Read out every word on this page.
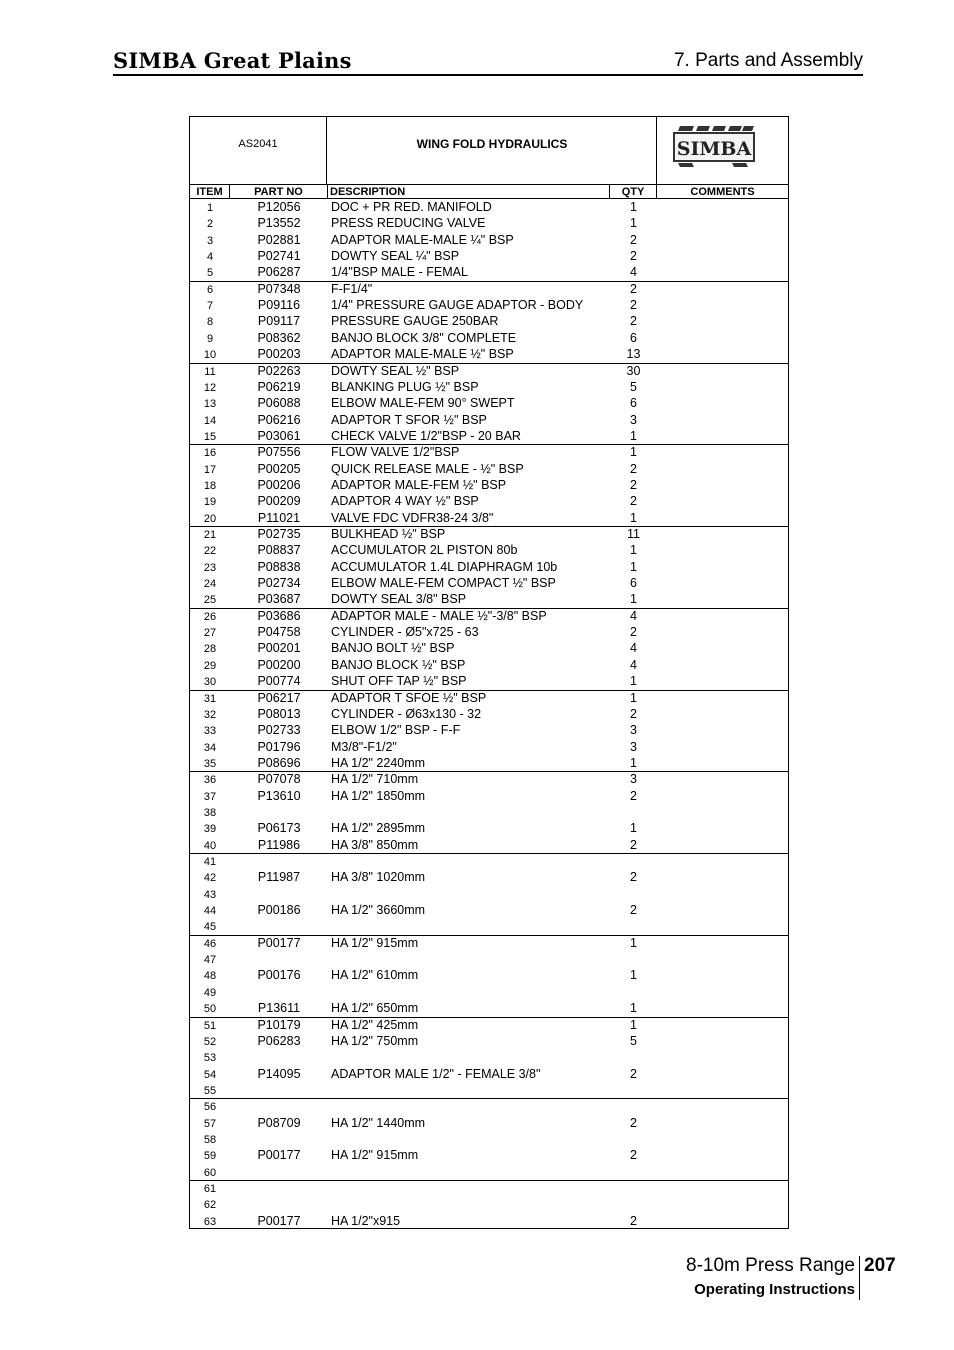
SIMBA Great Plains	7. Parts and Assembly
AS2041	WING FOLD HYDRAULICS	SIMBA
ITEM	PART NO	DESCRIPTION	QTY	COMMENTS
1	P12056	DOC + PR RED. MANIFOLD	1
2	P13552	PRESS REDUCING VALVE	1
3	P02881	ADAPTOR MALE-MALE ¼" BSP	2
4	P02741	DOWTY SEAL ¼" BSP	2
5	P06287	1/4"BSP MALE - FEMAL	4
6	P07348	F-F1/4"	2
7	P09116	1/4" PRESSURE GAUGE ADAPTOR - BODY	2
8	P09117	PRESSURE GAUGE 250BAR	2
9	P08362	BANJO BLOCK 3/8" COMPLETE	6
10	P00203	ADAPTOR MALE-MALE ½" BSP	13
11	P02263	DOWTY SEAL ½" BSP	30
12	P06219	BLANKING PLUG ½" BSP	5
13	P06088	ELBOW MALE-FEM 90° SWEPT	6
14	P06216	ADAPTOR T SFOR ½" BSP	3
15	P03061	CHECK VALVE 1/2"BSP - 20 BAR	1
16	P07556	FLOW VALVE 1/2"BSP	1
17	P00205	QUICK RELEASE MALE - ½" BSP	2
18	P00206	ADAPTOR MALE-FEM ½" BSP	2
19	P00209	ADAPTOR 4 WAY ½" BSP	2
20	P11021	VALVE FDC VDFR38-24 3/8"	1
21	P02735	BULKHEAD ½" BSP	11
22	P08837	ACCUMULATOR 2L PISTON 80b	1
23	P08838	ACCUMULATOR 1.4L DIAPHRAGM 10b	1
24	P02734	ELBOW MALE-FEM COMPACT ½" BSP	6
25	P03687	DOWTY SEAL 3/8" BSP	1
26	P03686	ADAPTOR MALE - MALE ½"-3/8" BSP	4
27	P04758	CYLINDER - Ø5"x725 - 63	2
28	P00201	BANJO BOLT ½" BSP	4
29	P00200	BANJO BLOCK ½" BSP	4
30	P00774	SHUT OFF TAP ½" BSP	1
31	P06217	ADAPTOR T SFOE ½" BSP	1
32	P08013	CYLINDER - Ø63x130 - 32	2
33	P02733	ELBOW 1/2" BSP - F-F	3
34	P01796	M3/8"-F1/2"	3
35	P08696	HA 1/2" 2240mm	1
36	P07078	HA 1/2" 710mm	3
37	P13610	HA 1/2" 1850mm	2
38
39	P06173	HA 1/2" 2895mm	1
40	P11986	HA 3/8" 850mm	2
41
42	P11987	HA 3/8" 1020mm	2
43
44	P00186	HA 1/2" 3660mm	2
45
46	P00177	HA 1/2" 915mm	1
47
48	P00176	HA 1/2" 610mm	1
49
50	P13611	HA 1/2" 650mm	1
51	P10179	HA 1/2" 425mm	1
52	P06283	HA 1/2" 750mm	5
53
54	P14095	ADAPTOR MALE 1/2" - FEMALE 3/8"	2
55
56
57	P08709	HA 1/2" 1440mm	2
58
59	P00177	HA 1/2" 915mm	2
60
61
62
63	P00177	HA 1/2"x915	2
8-10m Press Range 207
Operating Instructions
